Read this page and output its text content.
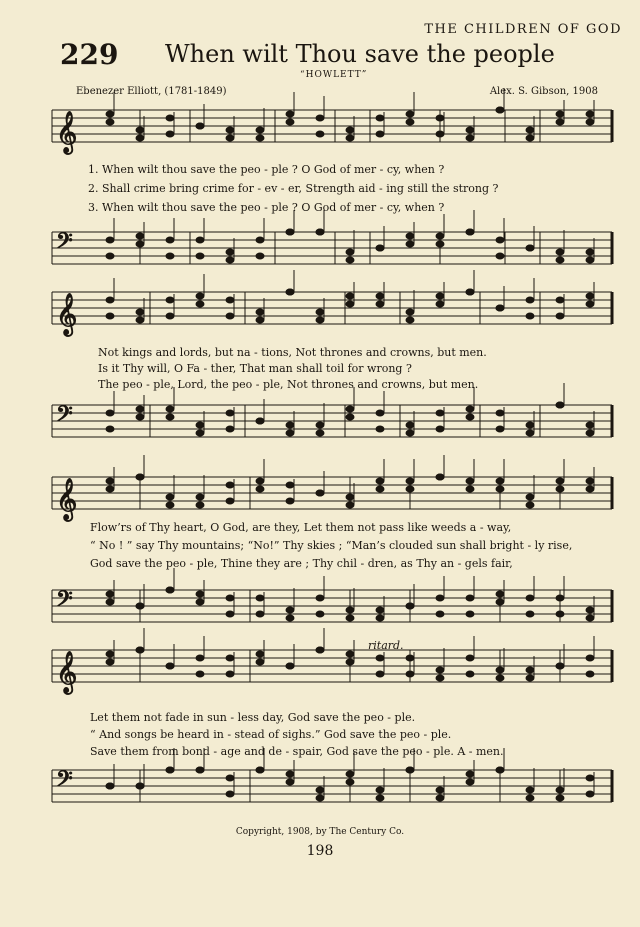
THE CHILDREN OF GOD
229 When wilt Thou save the people
“HOWLETT”
Ebenezer Elliott, (1781-1849)	Alex. S. Gibson, 1908
𝄞
𝄢
𝄞
𝄢
𝄞
𝄢
𝄞
𝄢
1. When wilt thou save the peo - ple ? O God of mer - cy, when ?
2. Shall crime bring crime for - ev - er, Strength aid - ing still the strong ?
3. When wilt thou save the peo - ple ? O God of mer - cy, when ?
Not kings and lords, but na - tions, Not thrones and crowns, but men.
Is it Thy will, O Fa - ther, That man shall toil for wrong ?
The peo - ple, Lord, the peo - ple, Not thrones and crowns, but men.
Flow’rs of Thy heart, O God, are they, Let them not pass like weeds a - way,
“ No ! ” say Thy mountains; “No!” Thy skies ; “Man’s clouded sun shall bright - ly rise,
God save the peo - ple, Thine they are ; Thy chil - dren, as Thy an - gels fair,
Let them not fade in sun - less day, God save the peo - ple.
“ And songs be heard in - stead of sighs.” God save the peo - ple.
Save them from bond - age and de - spair, God save the peo - ple. A - men.
ritard.
Copyright, 1908, by The Century Co.
198
